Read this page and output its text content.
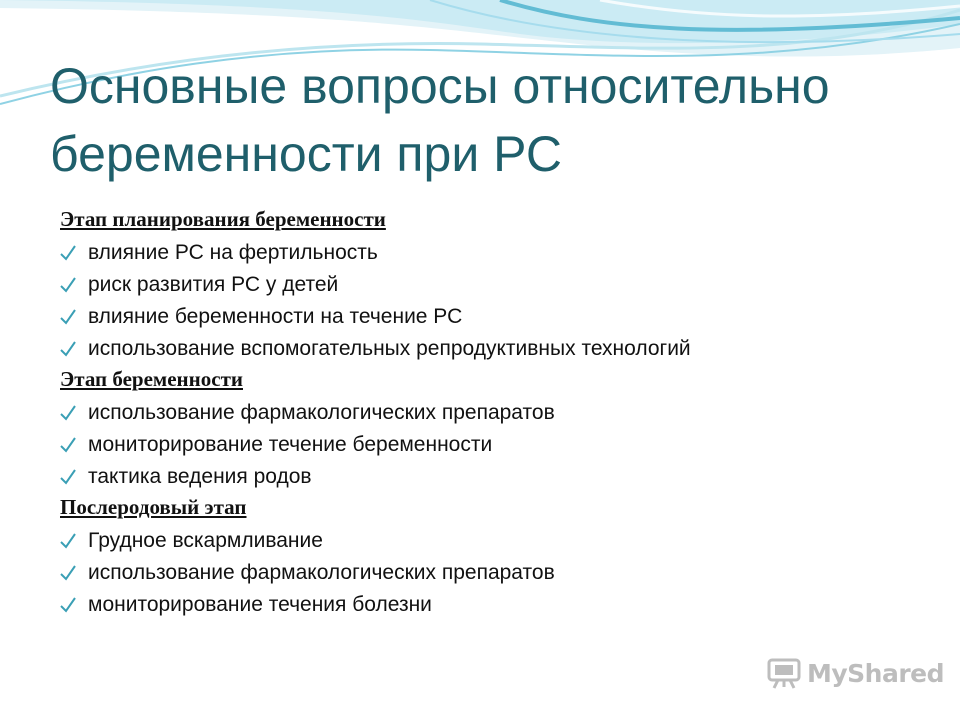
Основные вопросы относительно
беременности при РС
Этап планирования беременности
влияние РС на фертильность
риск развития РС у детей
влияние беременности на течение РС
использование вспомогательных репродуктивных технологий
Этап беременности
использование фармакологических препаратов
мониторирование течение беременности
тактика ведения родов
Послеродовый этап
Грудное вскармливание
использование фармакологических препаратов
мониторирование течения болезни
MyShared
